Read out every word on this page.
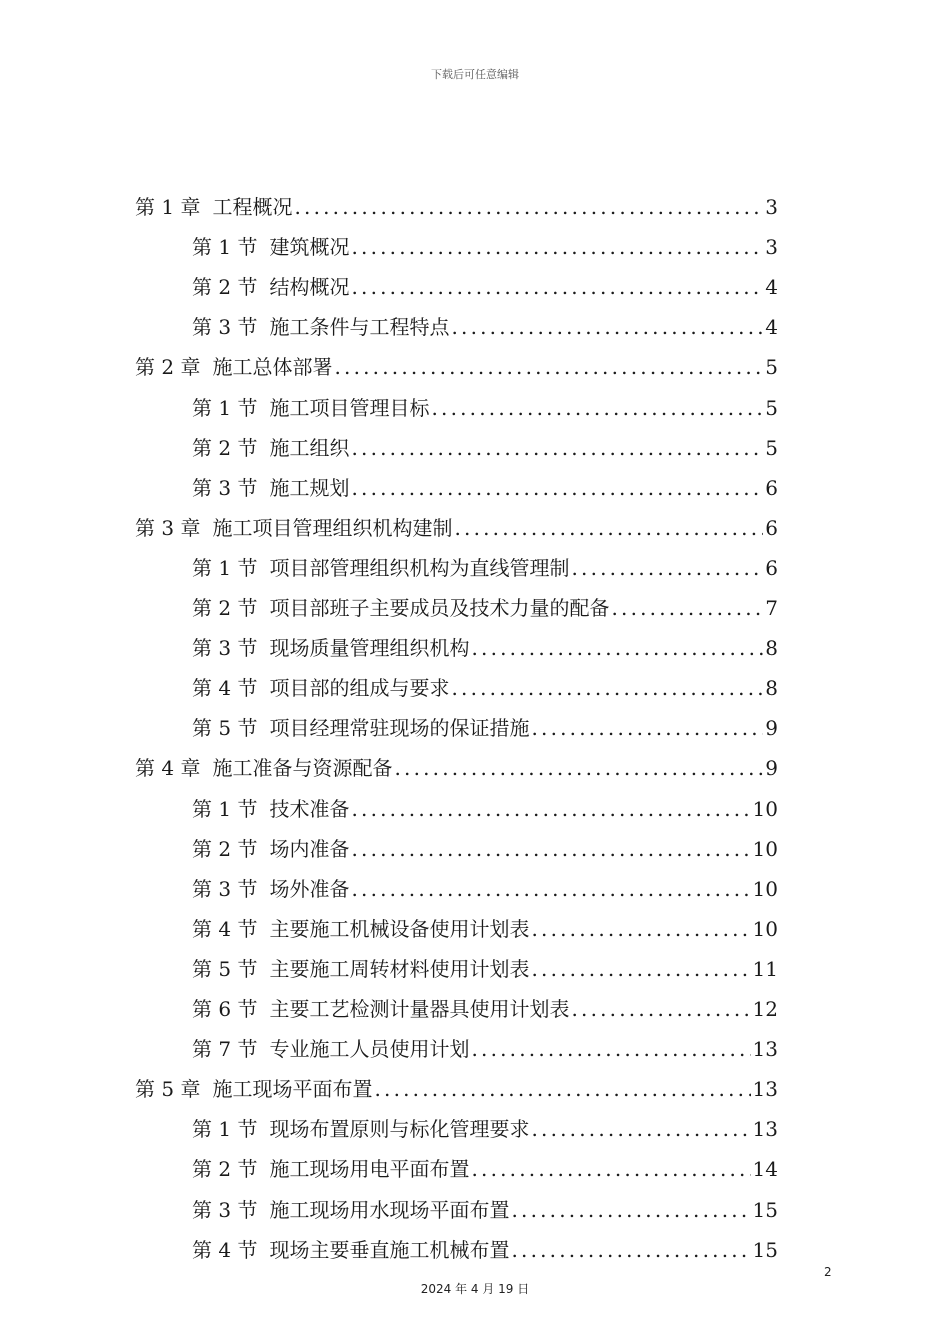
下载后可任意编辑
第 1 章 工程概况 .....	3
第 1 节 建筑概况 .....	3
第 2 节 结构概况 .....	4
第 3 节 施工条件与工程特点 .....	4
第 2 章 施工总体部署 .....	5
第 1 节 施工项目管理目标 .....	5
第 2 节 施工组织 .....	5
第 3 节 施工规划 .....	6
第 3 章 施工项目管理组织机构建制 .....	6
第 1 节 项目部管理组织机构为直线管理制 .....	6
第 2 节 项目部班子主要成员及技术力量的配备 .....	7
第 3 节 现场质量管理组织机构 .....	8
第 4 节 项目部的组成与要求 .....	8
第 5 节 项目经理常驻现场的保证措施 .....	9
第 4 章 施工准备与资源配备 .....	9
第 1 节 技术准备 .....	10
第 2 节 场内准备 .....	10
第 3 节 场外准备 .....	10
第 4 节 主要施工机械设备使用计划表 .....	10
第 5 节 主要施工周转材料使用计划表 .....	11
第 6 节 主要工艺检测计量器具使用计划表 .....	12
第 7 节 专业施工人员使用计划 .....	13
第 5 章 施工现场平面布置 .....	13
第 1 节 现场布置原则与标化管理要求 .....	13
第 2 节 施工现场用电平面布置 .....	14
第 3 节 施工现场用水现场平面布置 .....	15
第 4 节 现场主要垂直施工机械布置 .....	15
2
2024 年 4 月 19 日
